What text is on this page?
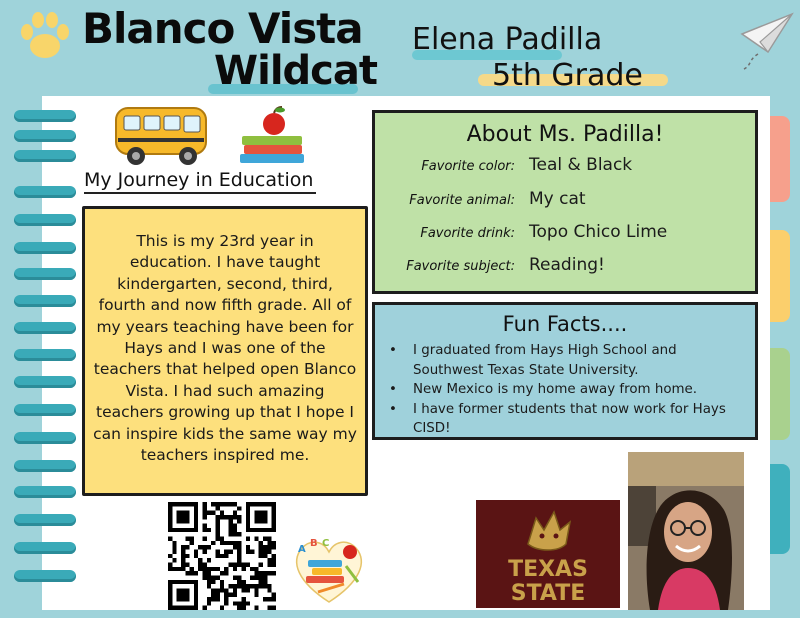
Blanco Vista
Wildcat
Elena Padilla
5th Grade
My Journey in Education

This is my 23rd year in education. I have taught kindergarten, second, third, fourth and now fifth grade. All of my years teaching have been for Hays and I was one of the teachers that helped open Blanco Vista. I had such amazing teachers growing up that I hope I can inspire kids the same way my teachers inspired me.

About Ms. Padilla!
Favorite color: Teal & Black
Favorite animal: My cat
Favorite drink: Topo Chico Lime
Favorite subject: Reading!
Fun Facts....
• I graduated from Hays High School and Southwest Texas State University.
• New Mexico is my home away from home.
• I have former students that now work for Hays CISD!
A
B C
TEXAS
STATE
